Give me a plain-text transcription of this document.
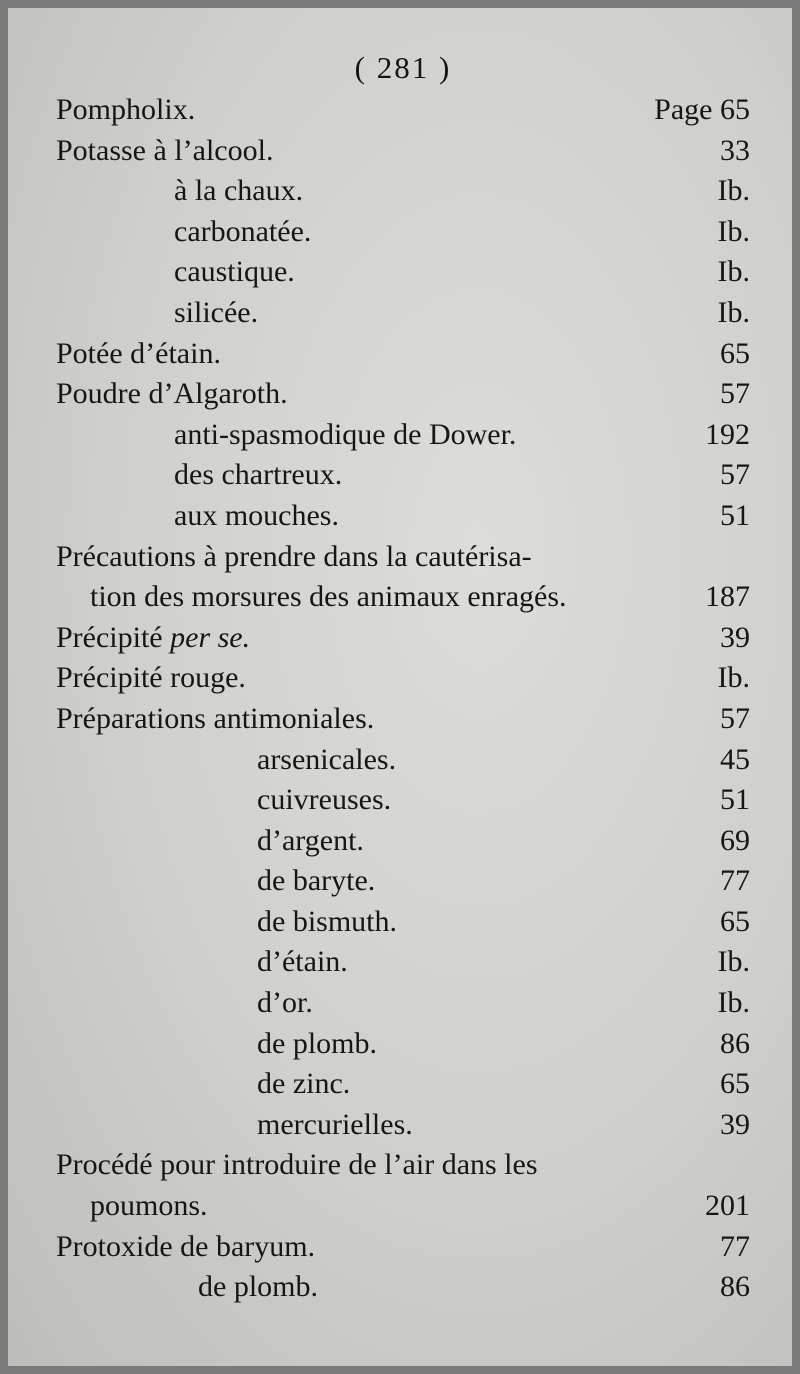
( 281 )
Pompholix.	Page 65
Potasse à l’alcool.	33
à la chaux.	Ib.
carbonatée.	Ib.
caustique.	Ib.
silicée.	Ib.
Potée d’étain.	65
Poudre d’Algaroth.	57
anti-spasmodique de Dower.	192
des chartreux.	57
aux mouches.	51
Précautions à prendre dans la cautérisa-
tion des morsures des animaux enragés.	187
Précipité per se.	39
Précipité rouge.	Ib.
Préparations antimoniales.	57
arsenicales.	45
cuivreuses.	51
d’argent.	69
de baryte.	77
de bismuth.	65
d’étain.	Ib.
d’or.	Ib.
de plomb.	86
de zinc.	65
mercurielles.	39
Procédé pour introduire de l’air dans les
poumons.	201
Protoxide de baryum.	77
de plomb.	86
